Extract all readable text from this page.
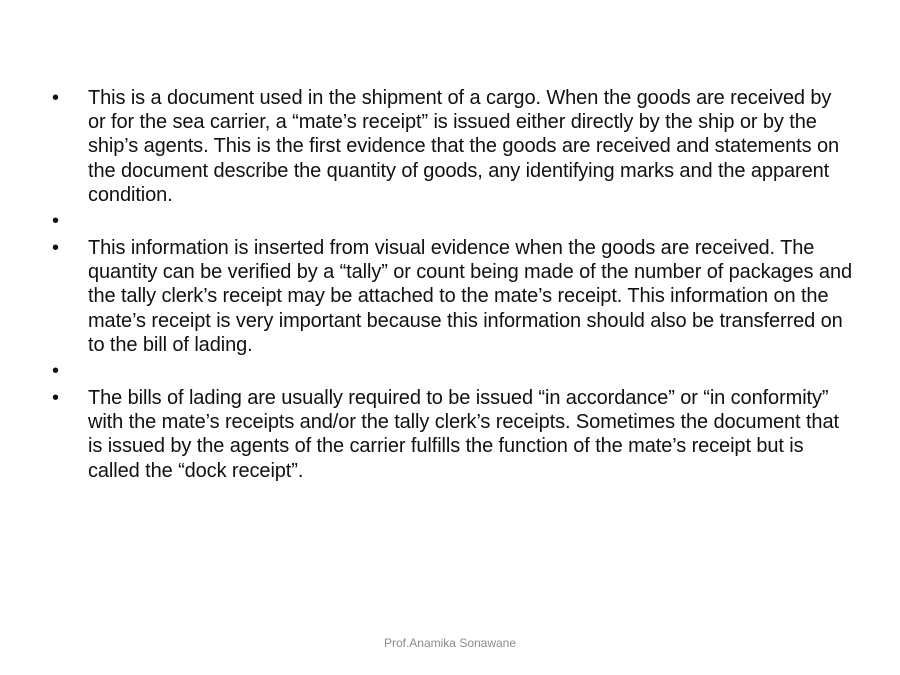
•	This is a document used in the shipment of a cargo. When the goods are received by or for the sea carrier, a “mate’s receipt” is issued either directly by the ship or by the ship’s agents. This is the first evidence that the goods are received and statements on the document describe the quantity of goods, any identifying marks and the apparent condition.
•
•	This information is inserted from visual evidence when the goods are received. The quantity can be verified by a “tally” or count being made of the number of packages and the tally clerk’s receipt may be attached to the mate’s receipt. This information on the mate’s receipt is very important because this information should also be transferred on to the bill of lading.
•
•	The bills of lading are usually required to be issued “in accordance” or “in conformity” with the mate’s receipts and/or the tally clerk’s receipts. Sometimes the document that is issued by the agents of the carrier fulfills the function of the mate’s receipt but is called the “dock receipt”.
Prof.Anamika Sonawane
